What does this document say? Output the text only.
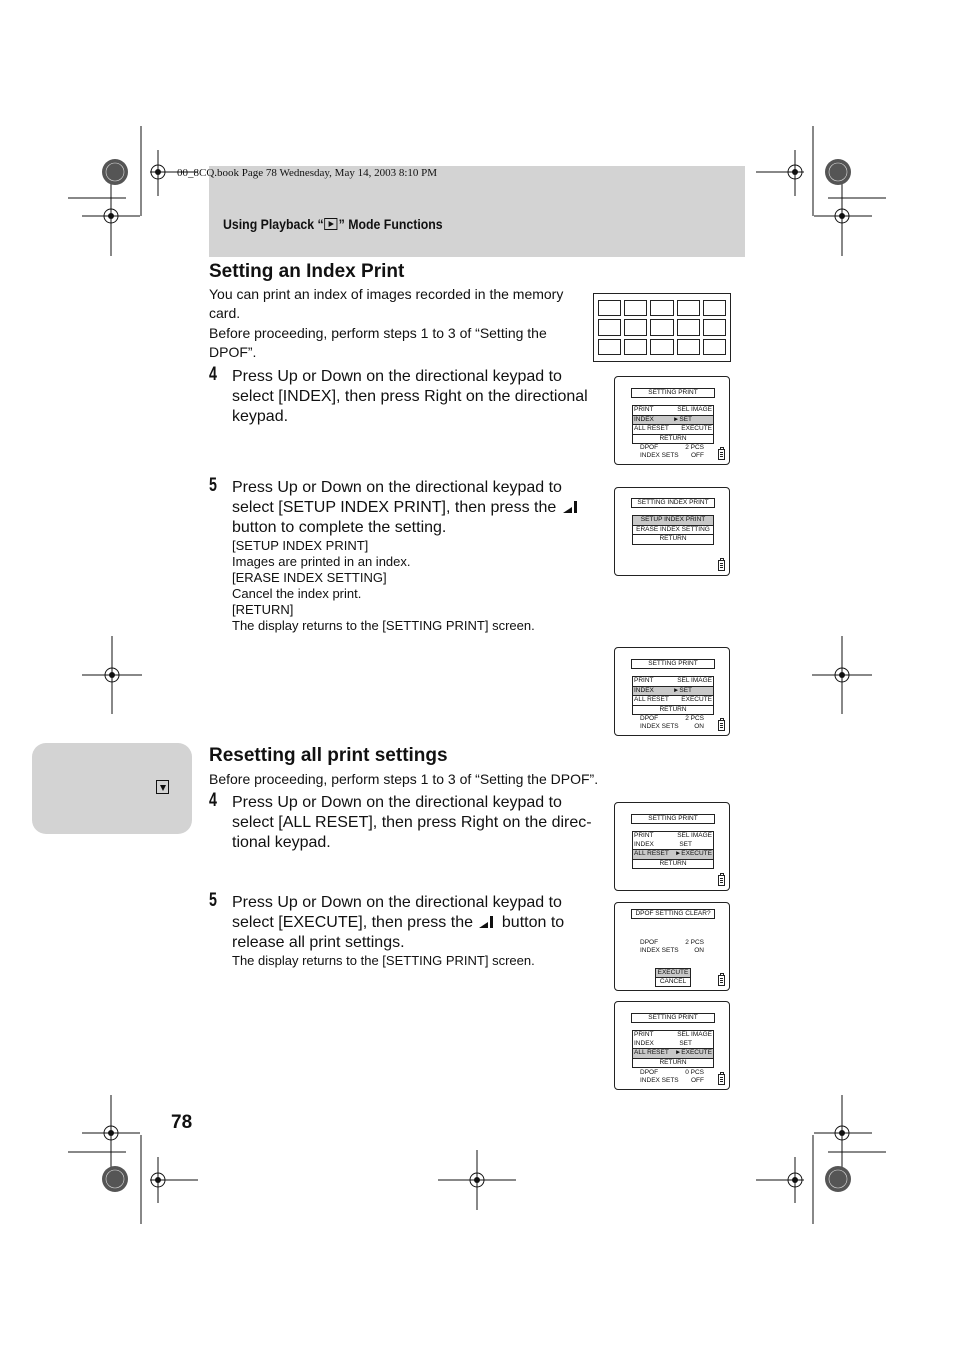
00_8CQ.book Page 78 Wednesday, May 14, 2003 8:10 PM
Using Playback “ ” Mode Functions
Setting an Index Print
You can print an index of images recorded in the memory card.
Before proceeding, perform steps 1 to 3 of “Setting the DPOF”.
4 Press Up or Down on the directional keypad to select [INDEX], then press Right on the directional keypad.
5 Press Up or Down on the directional keypad to select [SETUP INDEX PRINT], then press the  button to complete the setting.
[SETUP INDEX PRINT]
Images are printed in an index.
[ERASE INDEX SETTING]
Cancel the index print.
[RETURN]
The display returns to the [SETTING PRINT] screen.
SETTING PRINT
PRINT	SEL IMAGE
INDEX	►SET
ALL RESET EXECUTE
RETURN
DPOF	2 PCS
INDEX SETS OFF
SETTING INDEX PRINT
SETUP INDEX PRINT
ERASE INDEX SETTING
RETURN
SETTING PRINT
PRINT	SEL IMAGE
INDEX	►SET
ALL RESET EXECUTE
RETURN
DPOF	2 PCS
INDEX SETS ON
Resetting all print settings
Before proceeding, perform steps 1 to 3 of “Setting the DPOF”.
4 Press Up or Down on the directional keypad to select [ALL RESET], then press Right on the direc-tional keypad.
5 Press Up or Down on the directional keypad to select [EXECUTE], then press the button to release all print settings.
The display returns to the [SETTING PRINT] screen.
SETTING PRINT
PRINT	SEL IMAGE
INDEX	SET
ALL RESET ►EXECUTE
RETURN
DPOF SETTING CLEAR?
DPOF	2 PCS
INDEX SETS ON
EXECUTE
CANCEL
SETTING PRINT
PRINT	SEL IMAGE
INDEX	SET
ALL RESET ►EXECUTE
RETURN
DPOF	0 PCS
INDEX SETS OFF
78
